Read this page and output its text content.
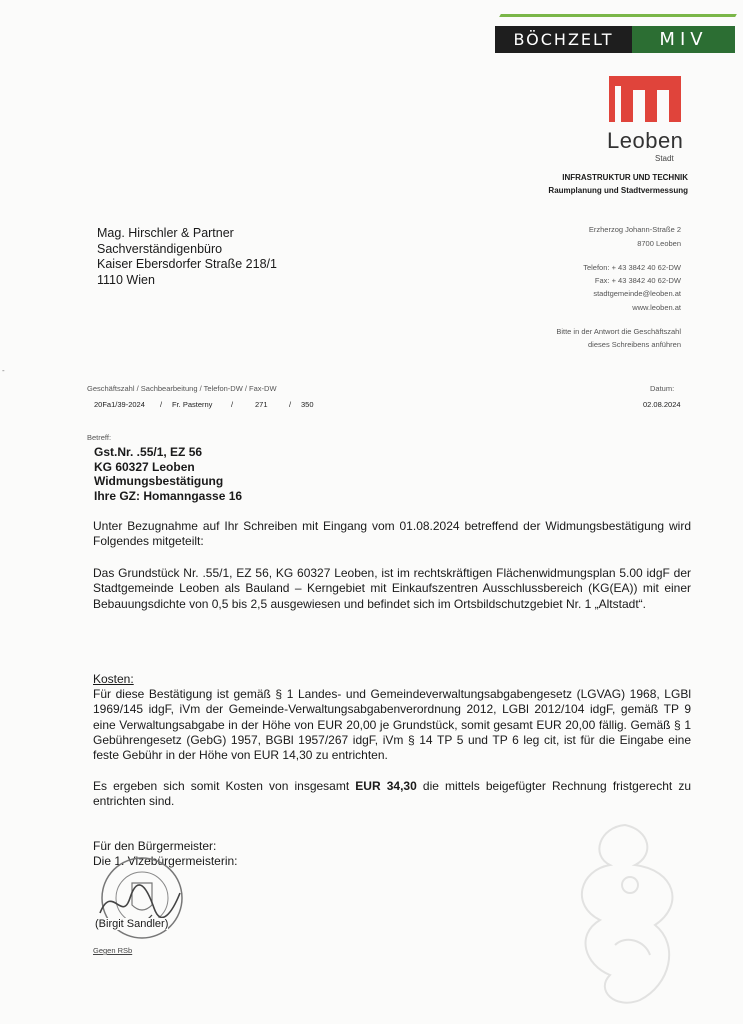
BÖCHZELT	MIV
Leoben
Stadt
INFRASTRUKTUR UND TECHNIK
Raumplanung und Stadtvermessung
Erzherzog Johann-Straße 2
8700 Leoben
Telefon: + 43 3842 40 62-DW
Fax: + 43 3842 40 62-DW
stadtgemeinde@leoben.at
www.leoben.at
Bitte in der Antwort die Geschäftszahl
dieses Schreibens anführen
Mag. Hirschler & Partner
Sachverständigenbüro
Kaiser Ebersdorfer Straße 218/1
1110 Wien
-
Geschäftszahl / Sachbearbeitung / Telefon-DW / Fax-DW
20Fa1/39-2024 / Fr. Pasterny /	271	/ 350
Datum:
02.08.2024
Betreff:
Gst.Nr. .55/1, EZ 56
KG 60327 Leoben
Widmungsbestätigung
Ihre GZ: Homanngasse 16
Unter Bezugnahme auf Ihr Schreiben mit Eingang vom 01.08.2024 betreffend der Widmungsbestätigung wird Folgendes mitgeteilt:
Das Grundstück Nr. .55/1, EZ 56, KG 60327 Leoben, ist im rechtskräftigen Flächenwidmungsplan 5.00 idgF der Stadtgemeinde Leoben als Bauland – Kerngebiet mit Einkaufszentren Ausschlussbereich (KG(EA)) mit einer Bebauungsdichte von 0,5 bis 2,5 ausgewiesen und befindet sich im Ortsbildschutzgebiet Nr. 1 „Altstadt“.
Kosten:
Für diese Bestätigung ist gemäß § 1 Landes- und Gemeindeverwaltungsabgabengesetz (LGVAG) 1968, LGBl 1969/145 idgF, iVm der Gemeinde-Verwaltungsabgabenverordnung 2012, LGBl 2012/104 idgF, gemäß TP 9 eine Verwaltungsabgabe in der Höhe von EUR 20,00 je Grundstück, somit gesamt EUR 20,00 fällig. Gemäß § 1 Gebührengesetz (GebG) 1957, BGBl 1957/267 idgF, iVm § 14 TP 5 und TP 6 leg cit, ist für die Eingabe eine feste Gebühr in der Höhe von EUR 14,30 zu entrichten.
Es ergeben sich somit Kosten von insgesamt EUR 34,30 die mittels beigefügter Rechnung fristgerecht zu entrichten sind.
Für den Bürgermeister:
Die 1. Vizebürgermeisterin:
(Birgit Sandler)
Gegen RSb
